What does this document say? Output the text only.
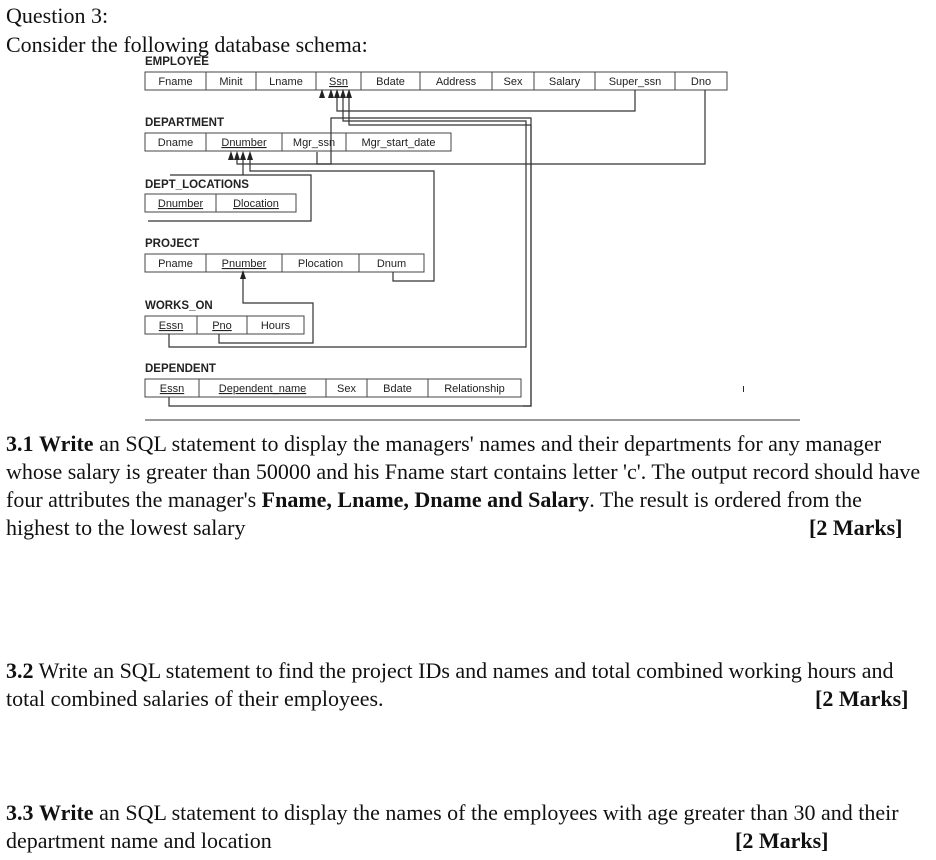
Question 3:
Consider the following database schema:
EMPLOYEE
DEPARTMENT
DEPT_LOCATIONS
PROJECT
WORKS_ON
DEPENDENT
Fname Minit Lname Ssn	Bdate	Address Sex Salary	Super_ssn	Dno
Dname	Dnumber Mgr_ssn Mgr_start_date
Dnumber	Dlocation
Pname	Pnumber	Plocation	Dnum
Essn	Pno	Hours
Essn	Dependent_name	Sex Bdate	Relationship	ı

3.1 Write an SQL statement to display the managers' names and their departments for any manager whose salary is greater than 50000 and his Fname start contains letter 'c'. The output record should have four attributes the manager's Fname, Lname, Dname and Salary. The result is ordered from the highest to the lowest salary	[2 Marks]

3.2 Write an SQL statement to find the project IDs and names and total combined working hours and total combined salaries of their employees.	[2 Marks]

3.3 Write an SQL statement to display the names of the employees with age greater than 30 and their department name and location	[2 Marks]
